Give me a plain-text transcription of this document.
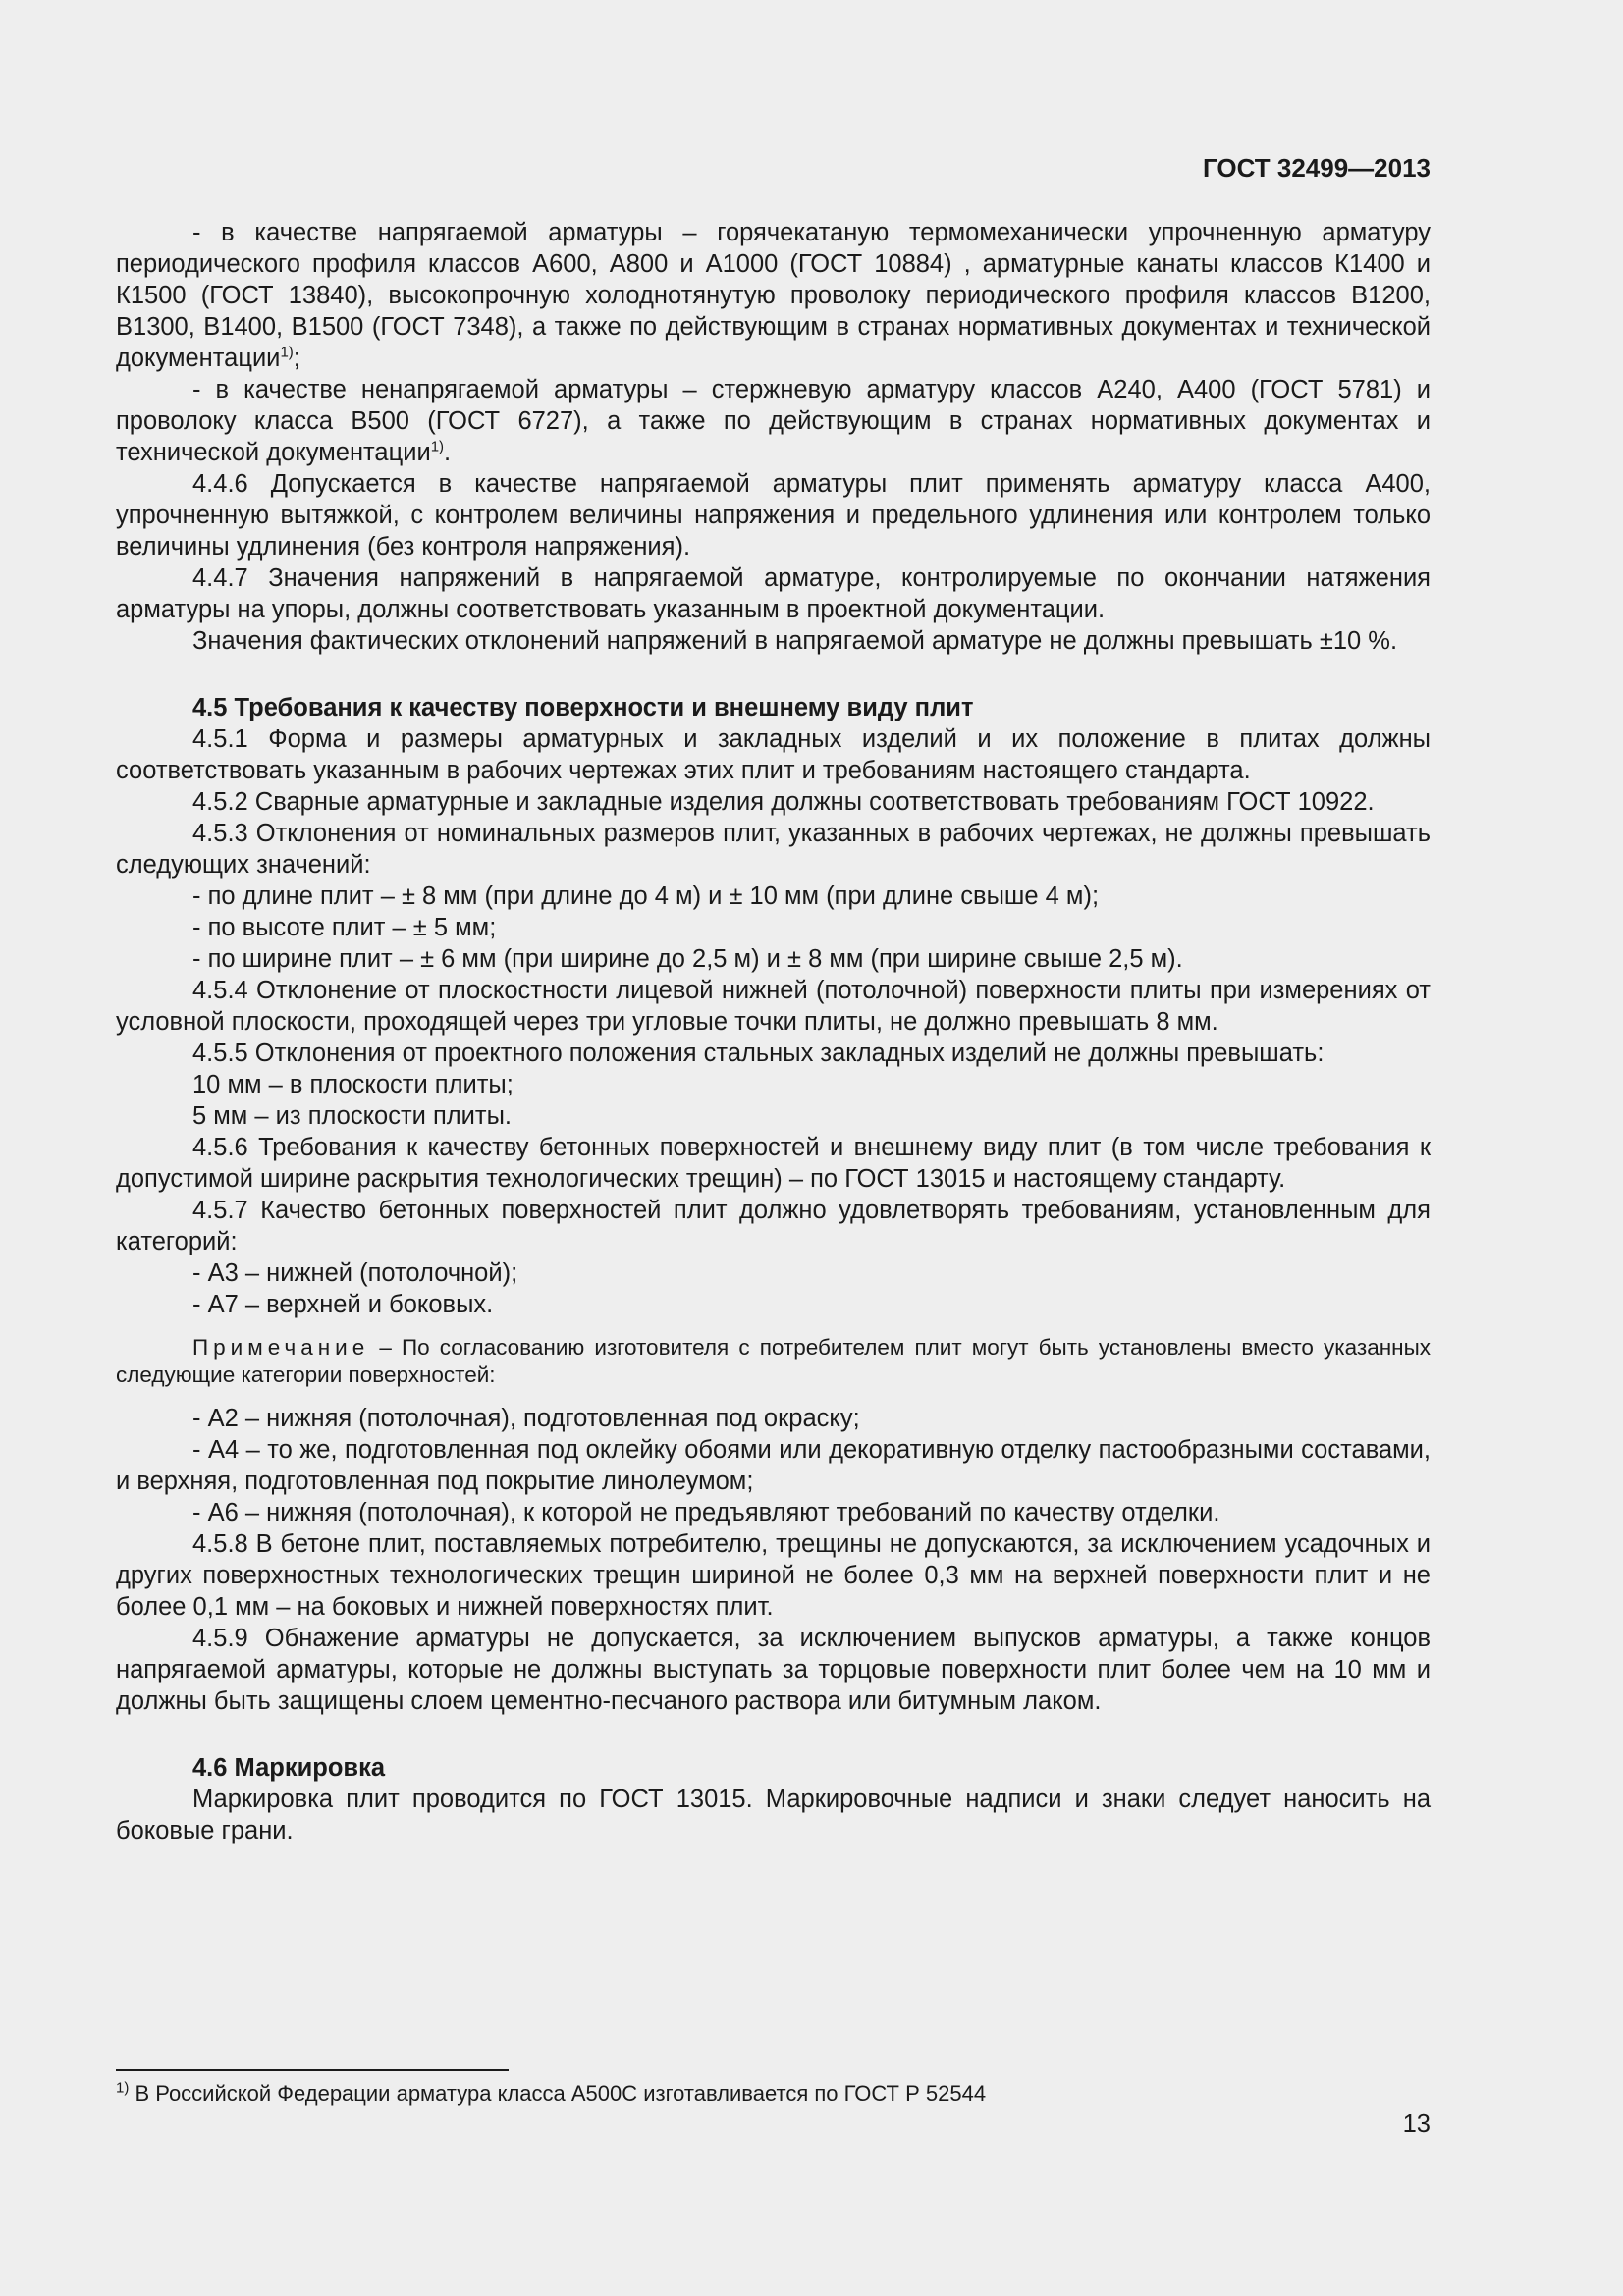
ГОСТ 32499—2013

- в качестве напрягаемой арматуры – горячекатаную термомеханически упрочненную арматуру периодического профиля классов А600, А800 и А1000 (ГОСТ 10884) , арматурные канаты классов К1400 и К1500 (ГОСТ 13840), высокопрочную холоднотянутую проволоку периодического профиля классов В1200, В1300, В1400, В1500 (ГОСТ 7348), а также по действующим в странах нормативных документах и технической документации$^{1)}$;

- в качестве ненапрягаемой арматуры – стержневую арматуру классов А240, А400 (ГОСТ 5781) и проволоку класса В500 (ГОСТ 6727), а также по действующим в странах нормативных документах и технической документации$^{1)}$.

4.4.6 Допускается в качестве напрягаемой арматуры плит применять арматуру класса А400, упрочненную вытяжкой, с контролем величины напряжения и предельного удлинения или контролем только величины удлинения (без контроля напряжения).

4.4.7 Значения напряжений в напрягаемой арматуре, контролируемые по окончании натяжения арматуры на упоры, должны соответствовать указанным в проектной документации.

Значения фактических отклонений напряжений в напрягаемой арматуре не должны превышать ±10 %.

4.5 Требования к качеству поверхности и внешнему виду плит

4.5.1 Форма и размеры арматурных и закладных изделий и их положение в плитах должны соответствовать указанным в рабочих чертежах этих плит и требованиям настоящего стандарта.

4.5.2 Сварные арматурные и закладные изделия должны соответствовать требованиям ГОСТ 10922.

4.5.3 Отклонения от номинальных размеров плит, указанных в рабочих чертежах, не должны превышать следующих значений:

- по длине плит – ± 8 мм (при длине до 4 м) и ± 10 мм (при длине свыше 4 м);

- по высоте плит – ± 5 мм;

- по ширине плит – ± 6 мм (при ширине до 2,5 м) и ± 8 мм (при ширине свыше 2,5 м).

4.5.4 Отклонение от плоскостности лицевой нижней (потолочной) поверхности плиты при измерениях от условной плоскости, проходящей через три угловые точки плиты, не должно превышать 8 мм.

4.5.5 Отклонения от проектного положения стальных закладных изделий не должны превышать:

10 мм – в плоскости плиты;

5 мм – из плоскости плиты.

4.5.6 Требования к качеству бетонных поверхностей и внешнему виду плит (в том числе требования к допустимой ширине раскрытия технологических трещин) – по ГОСТ 13015 и настоящему стандарту.

4.5.7 Качество бетонных поверхностей плит должно удовлетворять требованиям, установленным для категорий:

- А3 – нижней (потолочной);

- А7 – верхней и боковых.

Примечание – По согласованию изготовителя с потребителем плит могут быть установлены вместо указанных следующие категории поверхностей:

- А2 – нижняя (потолочная), подготовленная под окраску;

- А4 – то же, подготовленная под оклейку обоями или декоративную отделку пастообразными составами, и верхняя, подготовленная под покрытие линолеумом;

- А6 – нижняя (потолочная), к которой не предъявляют требований по качеству отделки.

4.5.8 В бетоне плит, поставляемых потребителю, трещины не допускаются, за исключением усадочных и других поверхностных технологических трещин шириной не более 0,3 мм на верхней поверхности плит и не более 0,1 мм – на боковых и нижней поверхностях плит.

4.5.9 Обнажение арматуры не допускается, за исключением выпусков арматуры, а также концов напрягаемой арматуры, которые не должны выступать за торцовые поверхности плит более чем на 10 мм и должны быть защищены слоем цементно-песчаного раствора или битумным лаком.

4.6 Маркировка

Маркировка плит проводится по ГОСТ 13015. Маркировочные надписи и знаки следует наносить на боковые грани.

$^{1)}$ В Российской Федерации арматура класса А500С изготавливается по ГОСТ Р 52544
13
